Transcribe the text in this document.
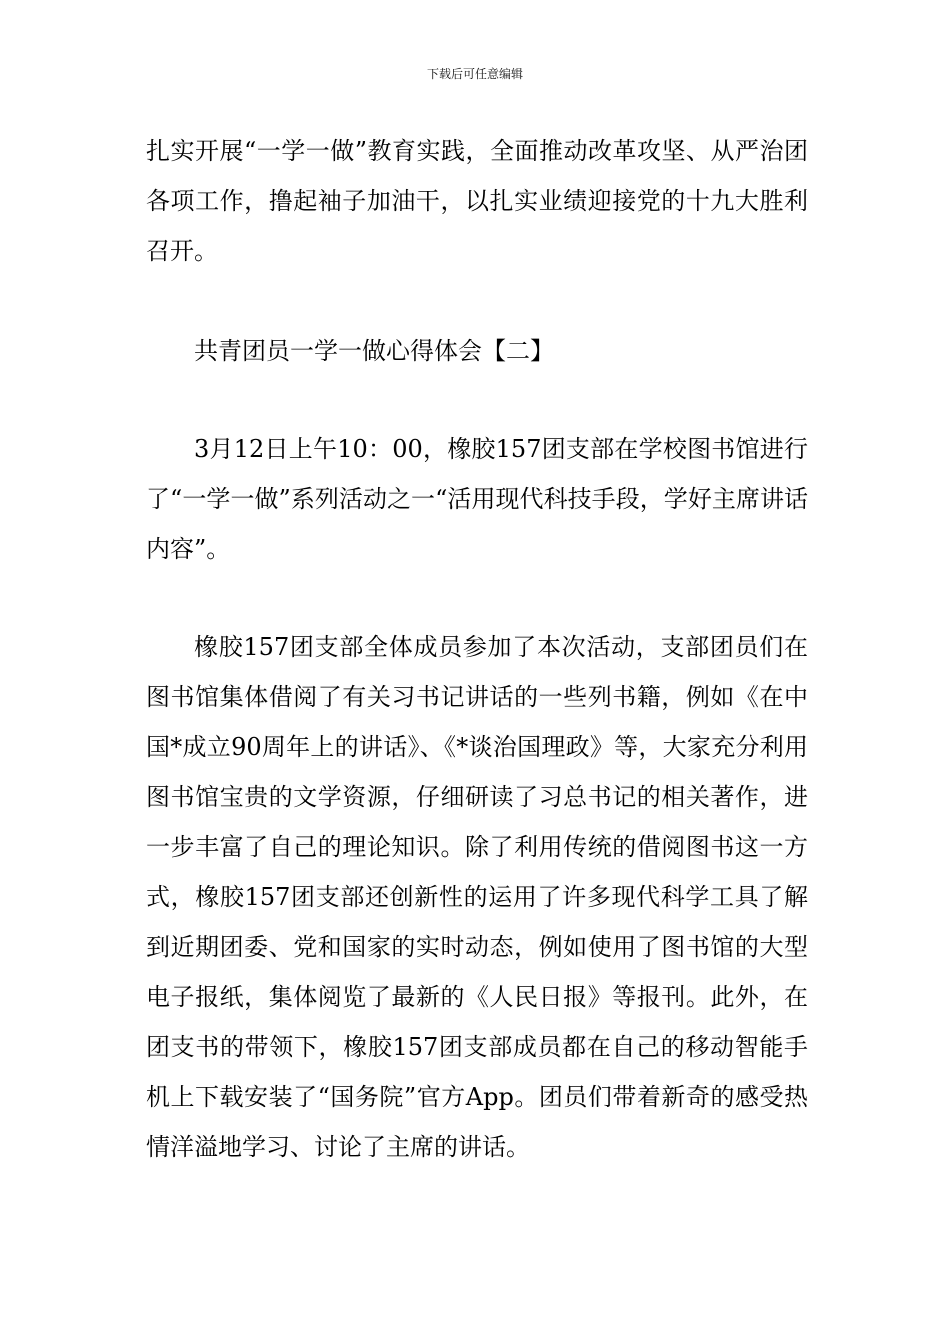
下载后可任意编辑

扎实开展“一学一做”教育实践，全面推动改革攻坚、从严治团各项工作，撸起袖子加油干，以扎实业绩迎接党的十九大胜利召开。

共青团员一学一做心得体会【二】

3月12日上午10：00，橡胶157团支部在学校图书馆进行了“一学一做”系列活动之一“活用现代科技手段，学好主席讲话内容”。

橡胶157团支部全体成员参加了本次活动，支部团员们在图书馆集体借阅了有关习书记讲话的一些列书籍，例如《在中国*成立90周年上的讲话》、《*谈治国理政》等，大家充分利用图书馆宝贵的文学资源，仔细研读了习总书记的相关著作，进一步丰富了自己的理论知识。除了利用传统的借阅图书这一方式，橡胶157团支部还创新性的运用了许多现代科学工具了解到近期团委、党和国家的实时动态，例如使用了图书馆的大型电子报纸，集体阅览了最新的《人民日报》等报刊。此外，在团支书的带领下，橡胶157团支部成员都在自己的移动智能手机上下载安装了“国务院”官方App。团员们带着新奇的感受热情洋溢地学习、讨论了主席的讲话。
